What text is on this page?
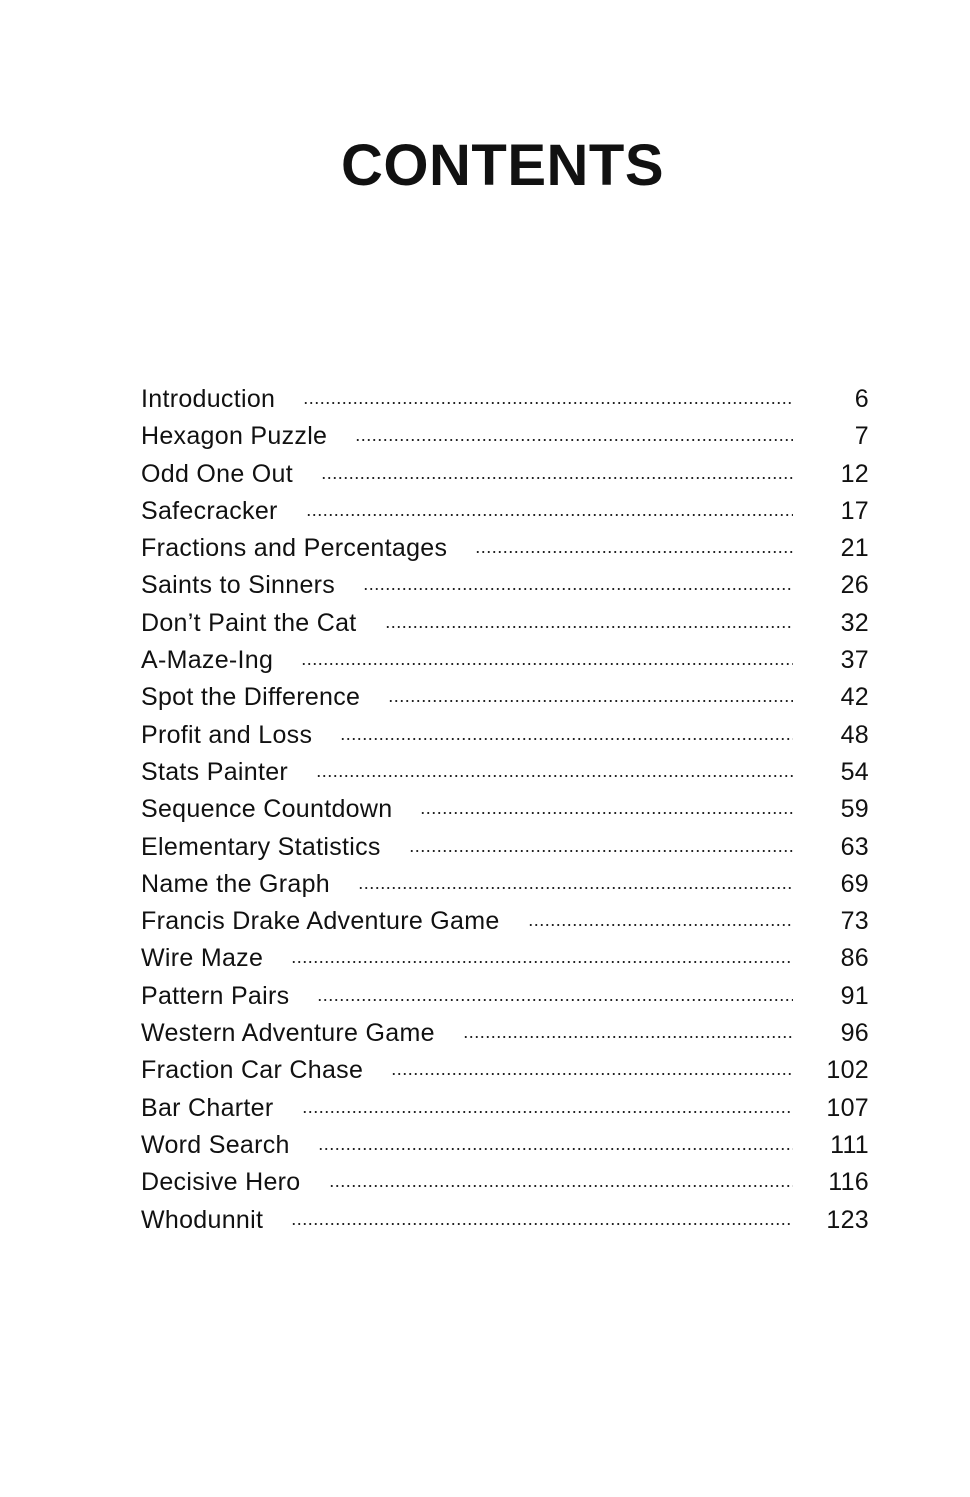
CONTENTS
Introduction	6
Hexagon Puzzle	7
Odd One Out	12
Safecracker	17
Fractions and Percentages	21
Saints to Sinners	26
Don’t Paint the Cat	32
A-Maze-Ing	37
Spot the Difference	42
Profit and Loss	48
Stats Painter	54
Sequence Countdown	59
Elementary Statistics	63
Name the Graph	69
Francis Drake Adventure Game	73
Wire Maze	86
Pattern Pairs	91
Western Adventure Game	96
Fraction Car Chase	102
Bar Charter	107
Word Search	111
Decisive Hero	116
Whodunnit	123
